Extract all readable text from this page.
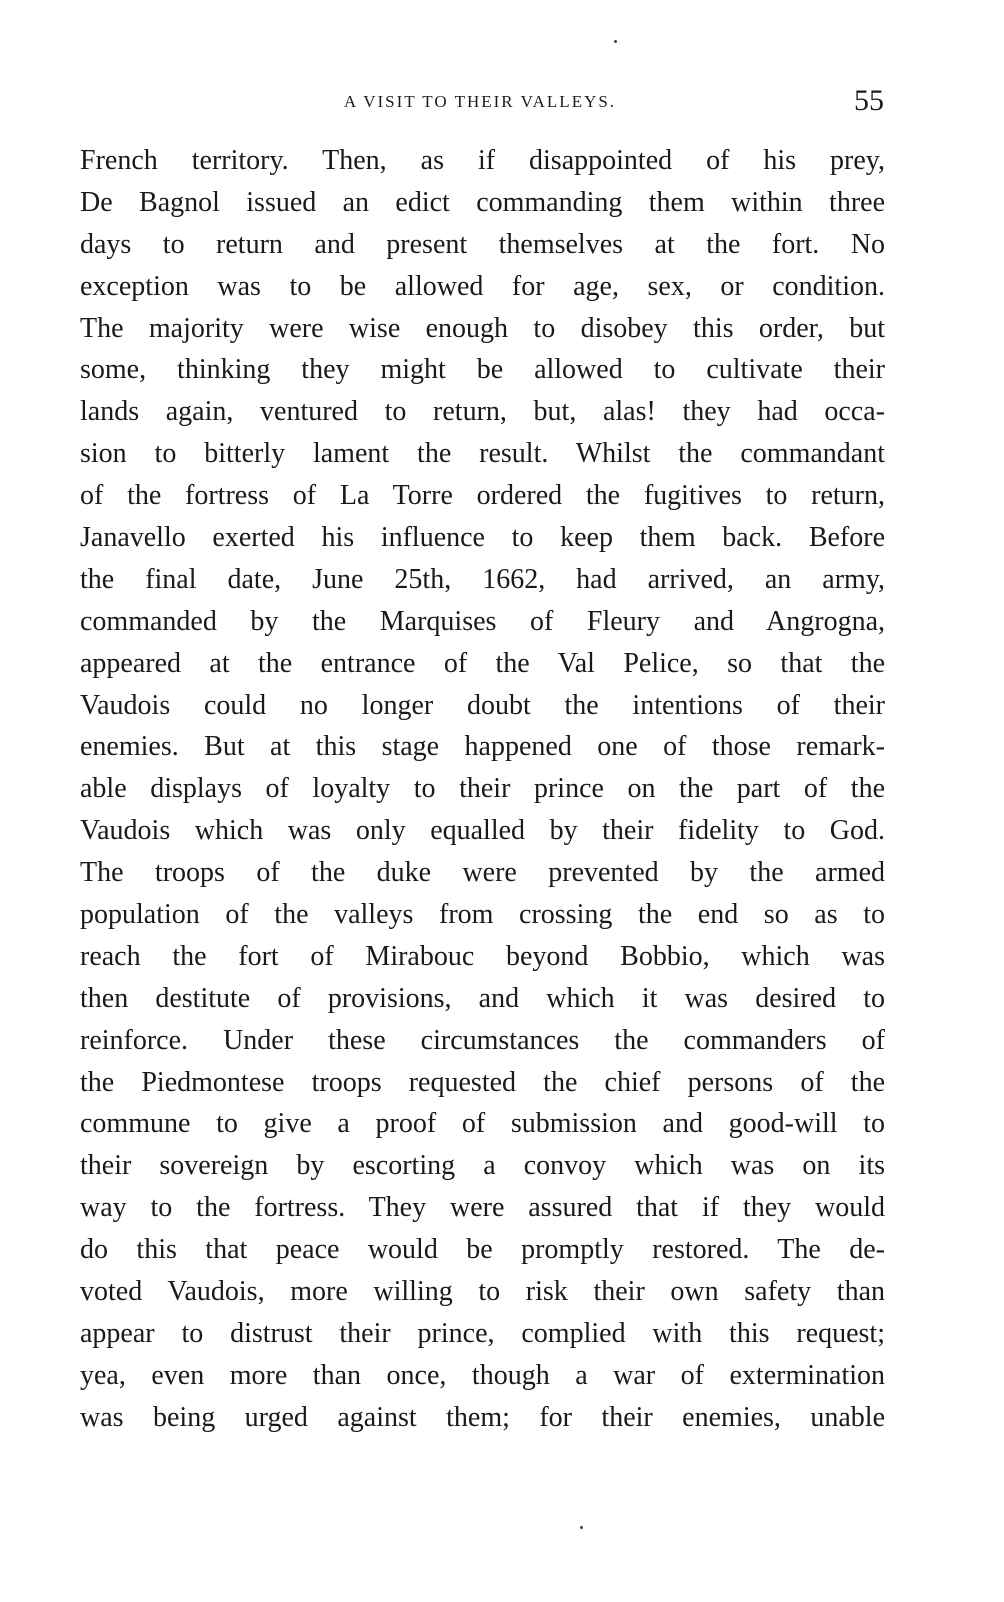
A VISIT TO THEIR VALLEYS.	55
French territory. Then, as if disappointed of his prey,
De Bagnol issued an edict commanding them within three
days to return and present themselves at the fort. No
exception was to be allowed for age, sex, or condition.
The majority were wise enough to disobey this order, but
some, thinking they might be allowed to cultivate their
lands again, ventured to return, but, alas! they had occa-
sion to bitterly lament the result. Whilst the commandant
of the fortress of La Torre ordered the fugitives to return,
Janavello exerted his influence to keep them back. Before
the final date, June 25th, 1662, had arrived, an army,
commanded by the Marquises of Fleury and Angrogna,
appeared at the entrance of the Val Pelice, so that the
Vaudois could no longer doubt the intentions of their
enemies. But at this stage happened one of those remark-
able displays of loyalty to their prince on the part of the
Vaudois which was only equalled by their fidelity to God.
The troops of the duke were prevented by the armed
population of the valleys from crossing the end so as to
reach the fort of Mirabouc beyond Bobbio, which was
then destitute of provisions, and which it was desired to
reinforce. Under these circumstances the commanders of
the Piedmontese troops requested the chief persons of the
commune to give a proof of submission and good-will to
their sovereign by escorting a convoy which was on its
way to the fortress. They were assured that if they would
do this that peace would be promptly restored. The de-
voted Vaudois, more willing to risk their own safety than
appear to distrust their prince, complied with this request;
yea, even more than once, though a war of extermination
was being urged against them; for their enemies, unable
